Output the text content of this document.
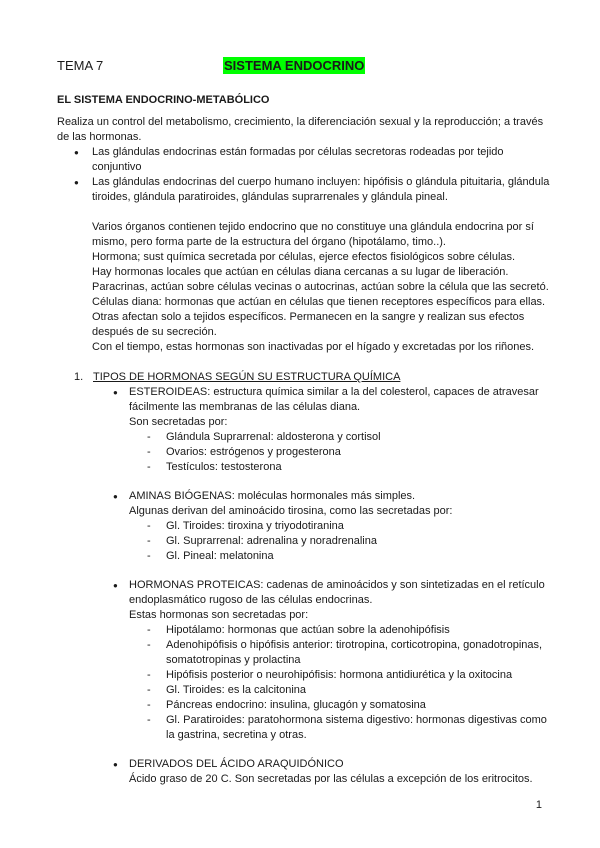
TEMA 7	SISTEMA ENDOCRINO
EL SISTEMA ENDOCRINO-METABÓLICO

Realiza un control del metabolismo, crecimiento, la diferenciación sexual y la reproducción; a través de las hormonas.

● Las glándulas endocrinas están formadas por células secretoras rodeadas por tejido conjuntivo
● Las glándulas endocrinas del cuerpo humano incluyen: hipófisis o glándula pituitaria, glándula tiroides, glándula paratiroides, glándulas suprarrenales y glándula pineal.

Varios órganos contienen tejido endocrino que no constituye una glándula endocrina por sí mismo, pero forma parte de la estructura del órgano (hipotálamo, timo..).

Hormona; sust química secretada por células, ejerce efectos fisiológicos sobre células.

Hay hormonas locales que actúan en células diana cercanas a su lugar de liberación.

Paracrinas, actúan sobre células vecinas o autocrinas, actúan sobre la célula que las secretó.

Células diana: hormonas que actúan en células que tienen receptores específicos para ellas. Otras afectan solo a tejidos específicos. Permanecen en la sangre y realizan sus efectos después de su secreción.

Con el tiempo, estas hormonas son inactivadas por el hígado y excretadas por los riñones.

1. TIPOS DE HORMONAS SEGÚN SU ESTRUCTURA QUÍMICA

● ESTEROIDEAS: estructura química similar a la del colesterol, capaces de atravesar fácilmente las membranas de las células diana.

Son secretadas por:

- Glándula Suprarrenal: aldosterona y cortisol
- Ovarios: estrógenos y progesterona
- Testículos: testosterona

● AMINAS BIÓGENAS: moléculas hormonales más simples.

Algunas derivan del aminoácido tirosina, como las secretadas por:

- Gl. Tiroides: tiroxina y triyodotiranina
- Gl. Suprarrenal: adrenalina y noradrenalina
- Gl. Pineal: melatonina

● HORMONAS PROTEICAS: cadenas de aminoácidos y son sintetizadas en el retículo endoplasmático rugoso de las células endocrinas.

Estas hormonas son secretadas por:

- Hipotálamo: hormonas que actúan sobre la adenohipófisis
- Adenohipófisis o hipófisis anterior: tirotropina, corticotropina, gonadotropinas, somatotropinas y prolactina
- Hipófisis posterior o neurohipófisis: hormona antidiurética y la oxitocina
- Gl. Tiroides: es la calcitonina
- Páncreas endocrino: insulina, glucagón y somatosina
- Gl. Paratiroides: paratohormona sistema digestivo: hormonas digestivas como la gastrina, secretina y otras.

● DERIVADOS DEL ÁCIDO ARAQUIDÓNICO

Ácido graso de 20 C. Son secretadas por las células a excepción de los eritrocitos.

1
